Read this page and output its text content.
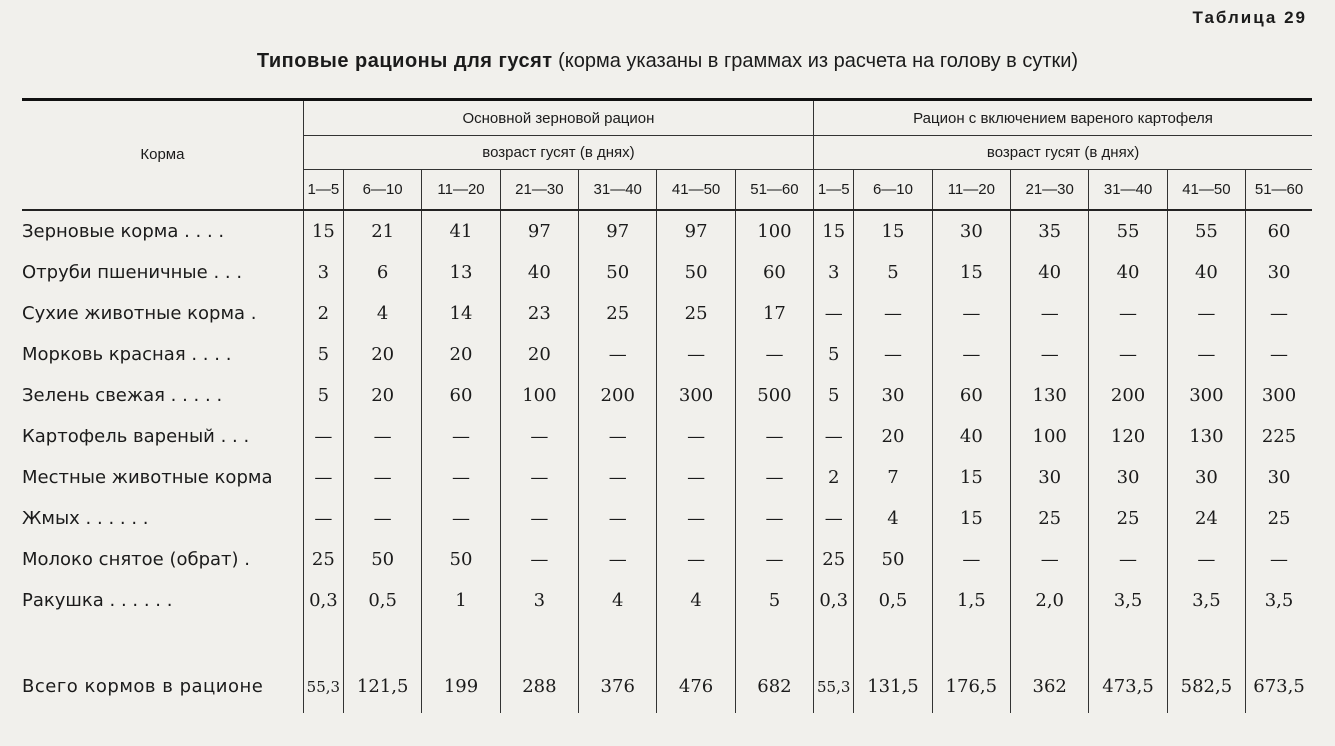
Таблица 29
Типовые рационы для гусят (корма указаны в граммах из расчета на голову в сутки)
Корма	Основной зерновой рацион							Рацион с включением вареного картофеля						
	возраст гусят (в днях)							возраст гусят (в днях)						
	1—5	6—10	11—20	21—30	31—40	41—50	51—60	1—5	6—10	11—20	21—30	31—40	41—50	51—60
Зерновые корма . . . .	15	21	41	97	97	97	100	15	15	30	35	55	55	60
Отруби пшеничные . . .	3	6	13	40	50	50	60	3	5	15	40	40	40	30
Сухие животные корма .	2	4	14	23	25	25	17	—	—	—	—	—	—	—
Морковь красная . . . .	5	20	20	20	—	—	—	5	—	—	—	—	—	—
Зелень свежая . . . . .	5	20	60	100	200	300	500	5	30	60	130	200	300	300
Картофель вареный . . .	—	—	—	—	—	—	—	—	20	40	100	120	130	225
Местные животные корма	—	—	—	—	—	—	—	2	7	15	30	30	30	30
Жмых . . . . . .	—	—	—	—	—	—	—	—	4	15	25	25	24	25
Молоко снятое (обрат) .	25	50	50	—	—	—	—	25	50	—	—	—	—	—
Ракушка . . . . . .	0,3	0,5	1	3	4	4	5	0,3	0,5	1,5	2,0	3,5	3,5	3,5

Всего кормов в рационе	55,3	121,5	199	288	376	476	682	55,3	131,5	176,5	362	473,5	582,5	673,5
